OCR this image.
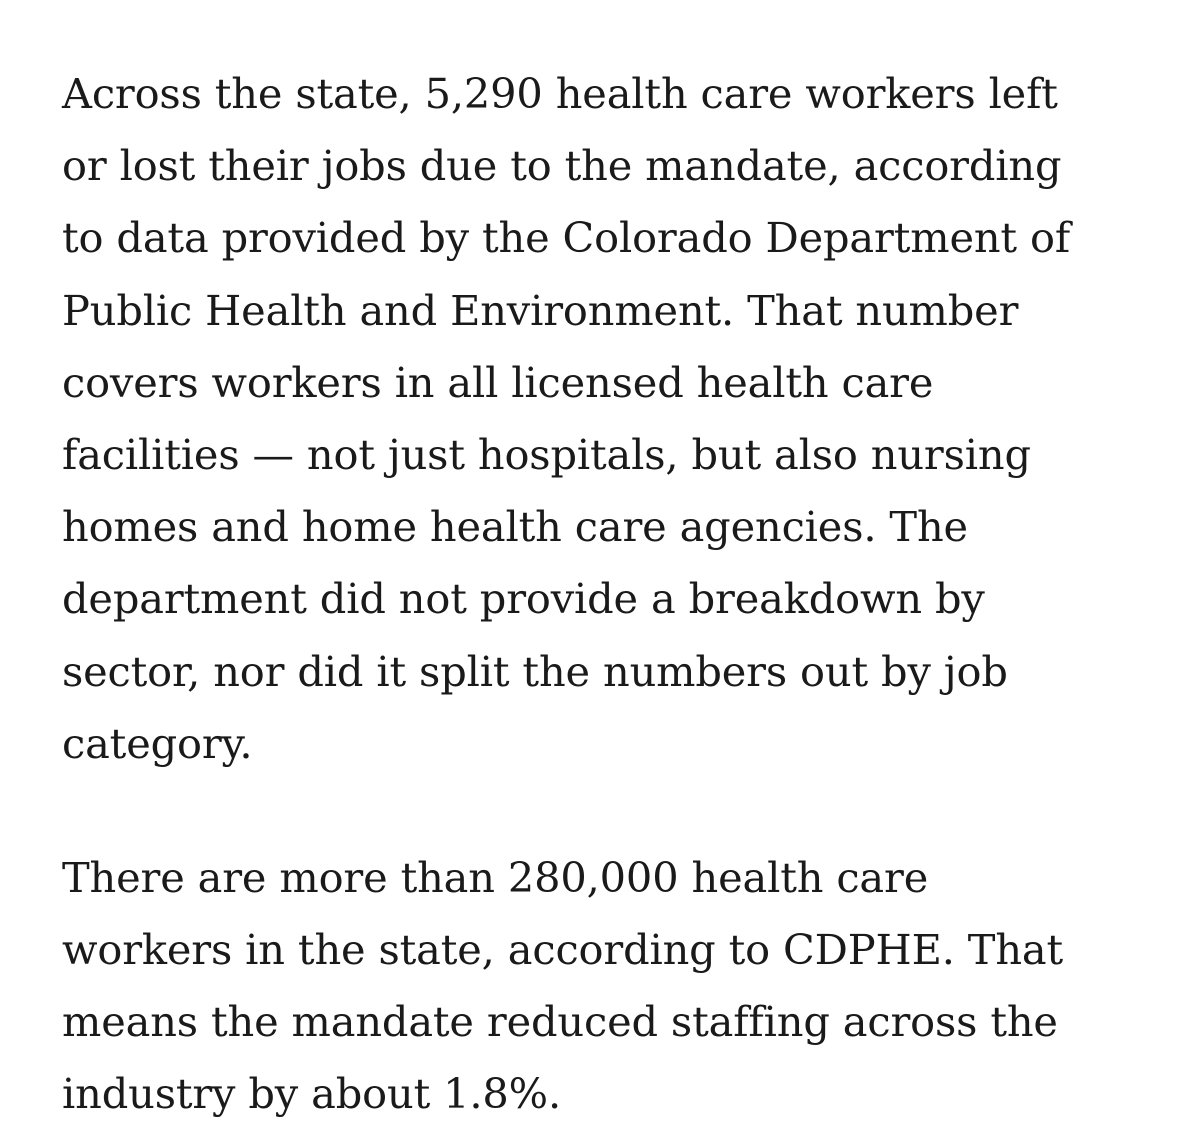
Across the state, 5,290 health care workers left
or lost their jobs due to the mandate, according
to data provided by the Colorado Department of
Public Health and Environment. That number
covers workers in all licensed health care
facilities — not just hospitals, but also nursing
homes and home health care agencies. The
department did not provide a breakdown by
sector, nor did it split the numbers out by job
category.

There are more than 280,000 health care
workers in the state, according to CDPHE. That
means the mandate reduced staffing across the
industry by about 1.8%.
